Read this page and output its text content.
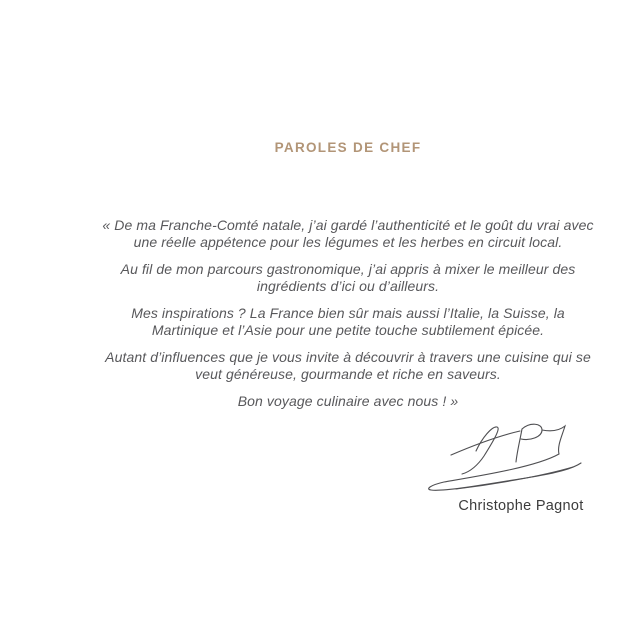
PAROLES DE CHEF

« De ma Franche-Comté natale, j’ai gardé l’authenticité et le goût du vrai avec une réelle appétence pour les légumes et les herbes en circuit local.

Au fil de mon parcours gastronomique, j’ai appris à mixer le meilleur des ingrédients d’ici ou d’ailleurs.

Mes inspirations ? La France bien sûr mais aussi l’Italie, la Suisse, la Martinique et l’Asie pour une petite touche subtilement épicée.

Autant d’influences que je vous invite à découvrir à travers une cuisine qui se veut généreuse, gourmande et riche en saveurs.

Bon voyage culinaire avec nous ! »

Christophe Pagnot
